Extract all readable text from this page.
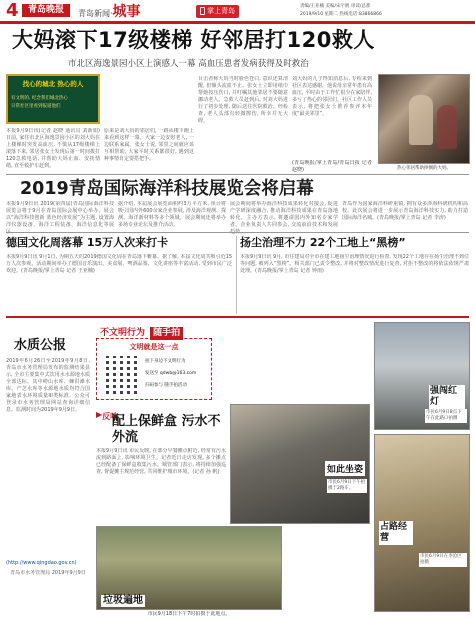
4	青岛晚报	青岛新闻·城事	掌上青岛
责编/王亚楠 美编/宋宇鸥 审读/总那
2019/9/10 星期二 热线电话:83866866
大妈滚下17级楼梯 好邻居打120救人
市北区海逸景园小区上演感人一幕 高血压患者发病获得及时救治
找心的城北 热心的人
有文明的, 纪念我们城北热心
日常社区里看到报道他们
本报9月9日讯(记者 赵晓 通讯员 刘新娟)日前, 家住市北区海逸景园小区的刘大妈在上楼梯时突发高血压, 不慎从17级楼梯上滚落下来, 邻居张女士发现后第一时间拨打120急救电话, 并帮助大妈止血、安抚情绪, 直至救护车赶到。
原来是刘大妈的邻居们, 一路从楼下跑上来看到这样一幕。大家一边安慰老人, 一边联系家属。张女士说, 邻里之间就应该互相帮助, 大家平时关系都很好, 遇到这种事情肯定要搭把手。
目击者称大妈当时脸色苍白, 意识还算清醒, 但额头流血不止。张女士立即用纸巾帮她按压伤口, 并叮嘱其他邻居不要随意挪动老人。急救人员赶到后, 对刘大妈进行了初步处理, 随后送往医院救治。经检查, 老人头部有轻微擦伤, 所幸并无大碍。
刘大妈的儿子得知消息后, 专程来到社区表达感谢。他说母亲常年患有高血压, 平时由于工作忙很少在家陪伴, 多亏了热心的邻居们。社区工作人员表示, 将把张女士推荐参评本年度“最美邻里”。
(青岛晚报/掌上青岛/青岛日报 记者 赵晓)	热心邻居帮助摔倒的大妈。
2019青岛国际海洋科技展览会将启幕
本报9月9日讯 2019(第四届)青岛国际海洋科技展览会将于9月在青岛国际会展中心举办。展会以“海洋科技创新 蓝色经济发展”为主题, 设置海洋仪器设备、海洋工程装备、海洋信息化等展
据介绍, 本届展会展览面积约3万平方米, 预计将吸引国内外600余家企业参展, 涉及海洋观测、探测、海洋新材料等多个领域。展会期间还将举办多场专业论坛及推介活动。
展会期间将举办海洋科技成果转化对接会, 促进产学研深度融合, 推动海洋科技成果在青岛落地转化。主办方表示, 将邀请国内外知名专家学者、企业负责人共同参会, 交流前沿技术和发展
青岛作为国家海洋科研重镇, 拥有众多涉海科研机构和高校。此次展会将进一步展示青岛海洋科技实力, 助力打造国际海洋名城。(青岛晚报/掌上青岛 记者 李涛)
德国文化周落幕 15万人次来打卡
本报9月9日讯 9月1日, 为期五天的2019德国文化周在青岛落下帷幕。据了解, 本届文化周共吸引近15万人次参观。活动期间举办了德国音乐演出、美食展、啤酒品鉴、文化讲座等丰富活动, 受到市民广泛欢迎。(青岛晚报/掌上青岛 记者 王亚楠)
扬尘治理不力 22个工地上“黑榜”
本报9月9日讯 9月, 市住建局对全市在建工地扬尘治理情况进行检查, 发现22个工地存在扬尘治理不到位等问题, 被列入“黑榜”。相关部门已责令整改, 并将对整改情况进行复查, 对拒不整改的将依法依规严肃处理。(青岛晚报/掌上青岛 记者 钟雨)
不文明行为 随手拍
水质公报
2019年6月26日至2019年9月8日, 青岛市水务管理局发布的监测结果显示, 全市主要集中式饮用水水源地水质全部达标。其中崂山水库、棘洪滩水库、产芝水库等水源地水质均符合国家地表水环境质量III类标准。公众可登录市水务管理局网站查询详细信息。监测时间为2019年9月9日。
(http://www.qingdao.gov.cn)
青岛市水务管理局 2019年9月9日
文明就是这一点
拍下身边不文明行为
发送至 qdwb@163.com
扫码参与 随手拍活动
▶反响
配上保鲜盒 污水不外流
本报9月9日讯 市民反映, 在部分早餐摊点附近, 经常有污水流到路面上, 影响环境卫生。记者近日走访发现, 多个摊点已经配备了保鲜盒收集污水。城管部门表示, 将持续加强巡查, 督促摊主规范经营, 共同维护城市环境。(记者 孙 帆)
垃圾遍地
市民9月18日下午7时拍摄于此地点。
如此坐姿
市民6月9日下午拍摄于2路车。
强闯红灯
市民6月9日8点下午在此路口拍摄
占路经营
市民6月9日在李沧区拍摄
